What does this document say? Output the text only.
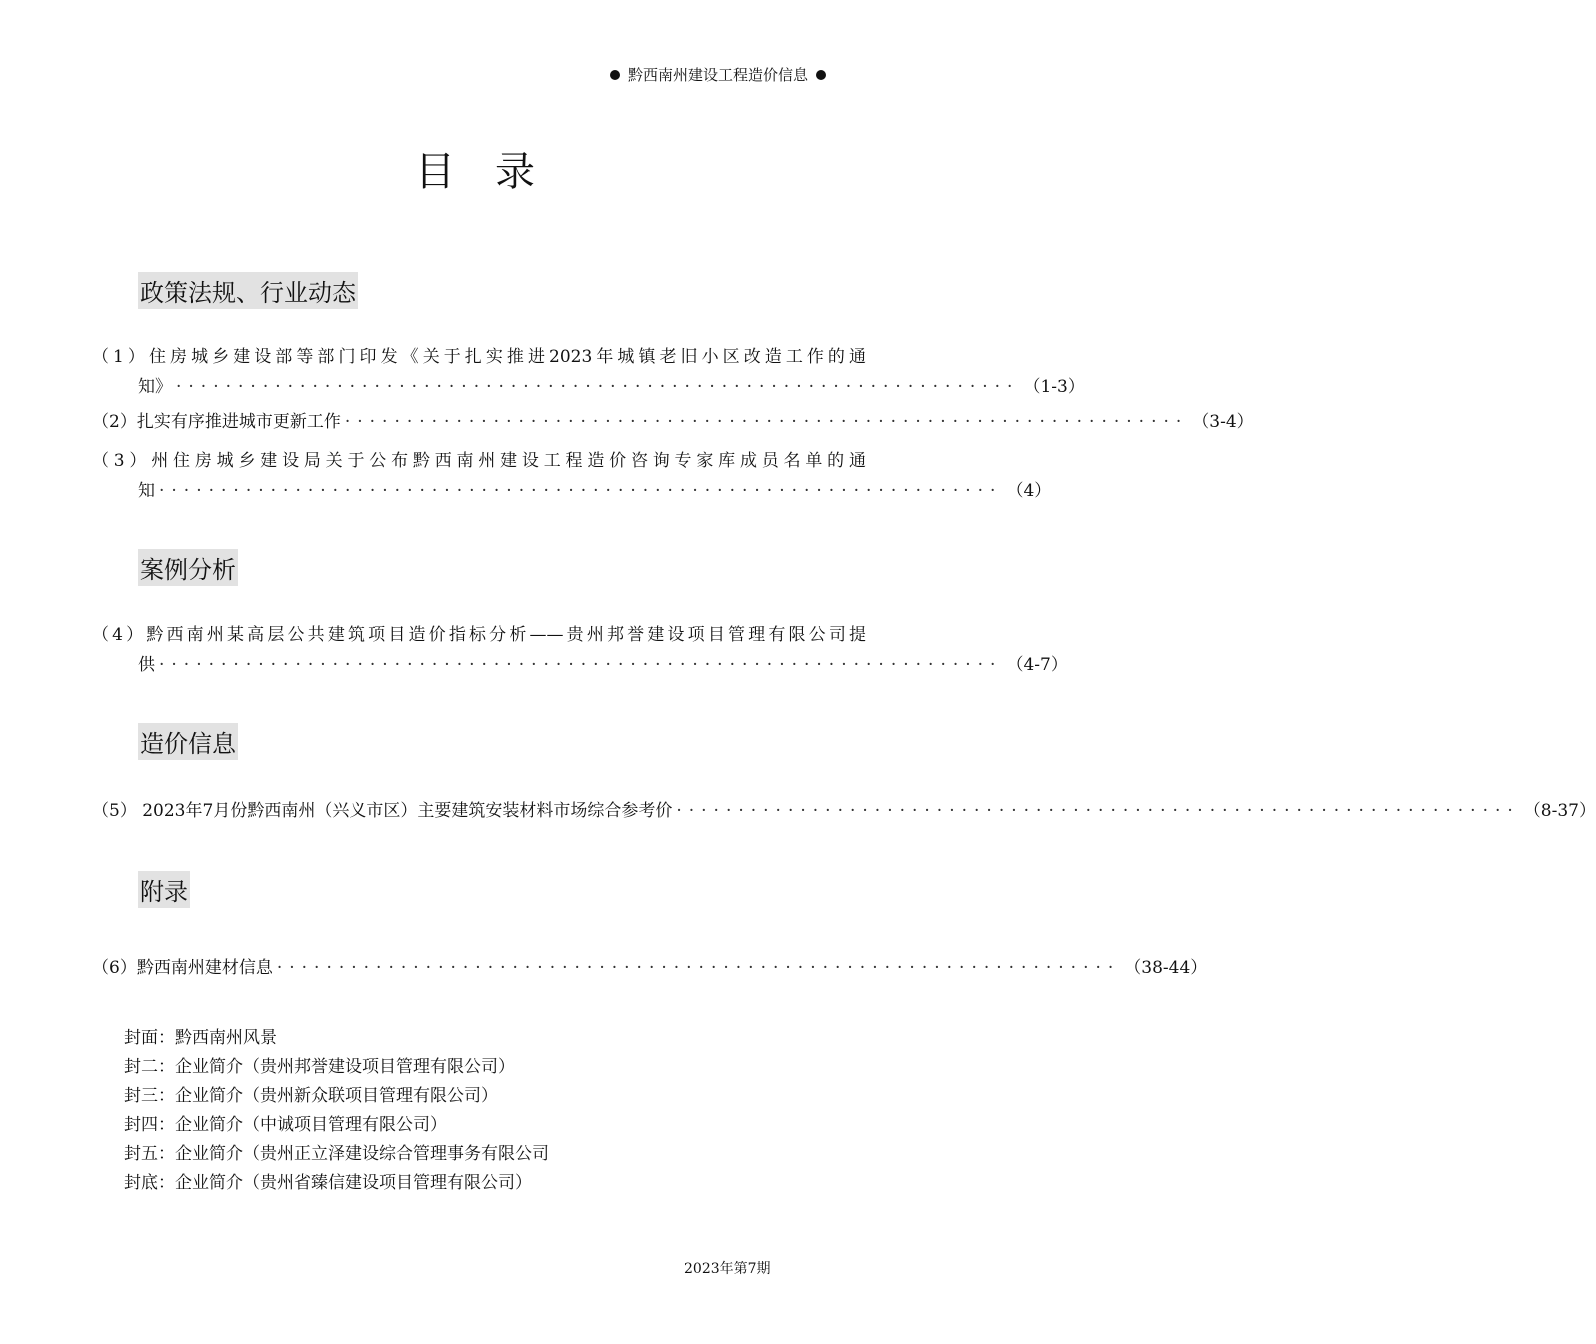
黔西南州建设工程造价信息
目录
政策法规、行业动态
（1）住房城乡建设部等部门印发《关于扎实推进2023年城镇老旧小区改造工作的通
知》 ···································································· （1-3）
（2）扎实有序推进城市更新工作 ···································································· （3-4）
（3）州住房城乡建设局关于公布黔西南州建设工程造价咨询专家库成员名单的通
知 ···································································· （4）
案例分析
（4）黔西南州某高层公共建筑项目造价指标分析——贵州邦誉建设项目管理有限公司提
供 ···································································· （4-7）
造价信息
（5） 2023年7月份黔西南州（兴义市区）主要建筑安装材料市场综合参考价 ···································································· （8-37）
附录
（6）黔西南州建材信息 ···································································· （38-44）
封面：黔西南州风景
封二：企业简介（贵州邦誉建设项目管理有限公司）
封三：企业简介（贵州新众联项目管理有限公司）
封四：企业简介（中诚项目管理有限公司）
封五：企业简介（贵州正立泽建设综合管理事务有限公司
封底：企业简介（贵州省臻信建设项目管理有限公司）
2023年第7期
